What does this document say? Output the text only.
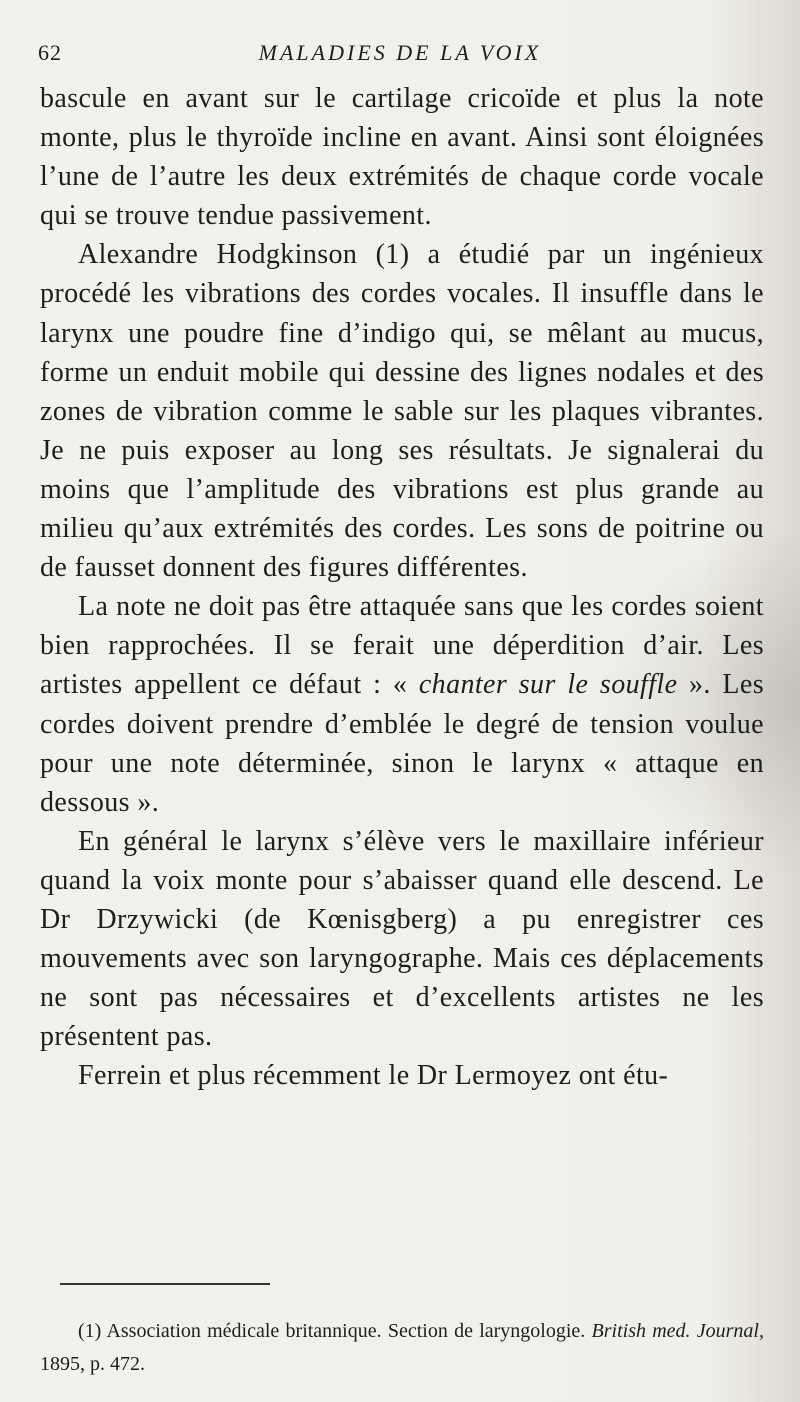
62	MALADIES DE LA VOIX

bascule en avant sur le cartilage cricoïde et plus la note monte, plus le thyroïde incline en avant. Ainsi sont éloignées l’une de l’autre les deux extrémités de chaque corde vocale qui se trouve tendue passivement.

Alexandre Hodgkinson (1) a étudié par un ingénieux procédé les vibrations des cordes vocales. Il insuffle dans le larynx une poudre fine d’indigo qui, se mêlant au mucus, forme un enduit mobile qui dessine des lignes nodales et des zones de vibration comme le sable sur les plaques vibrantes. Je ne puis exposer au long ses résultats. Je signalerai du moins que l’amplitude des vibrations est plus grande au milieu qu’aux extrémités des cordes. Les sons de poitrine ou de fausset donnent des figures différentes.

La note ne doit pas être attaquée sans que les cordes soient bien rapprochées. Il se ferait une déperdition d’air. Les artistes appellent ce défaut : « chanter sur le souffle ». Les cordes doivent prendre d’emblée le degré de tension voulue pour une note déterminée, sinon le larynx « attaque en dessous ».

En général le larynx s’élève vers le maxillaire inférieur quand la voix monte pour s’abaisser quand elle descend. Le Dr Drzywicki (de Kœnisgberg) a pu enregistrer ces mouvements avec son laryngographe. Mais ces déplacements ne sont pas nécessaires et d’excellents artistes ne les présentent pas.

Ferrein et plus récemment le Dr Lermoyez ont étu-

(1) Association médicale britannique. Section de laryngologie. British med. Journal, 1895, p. 472.
